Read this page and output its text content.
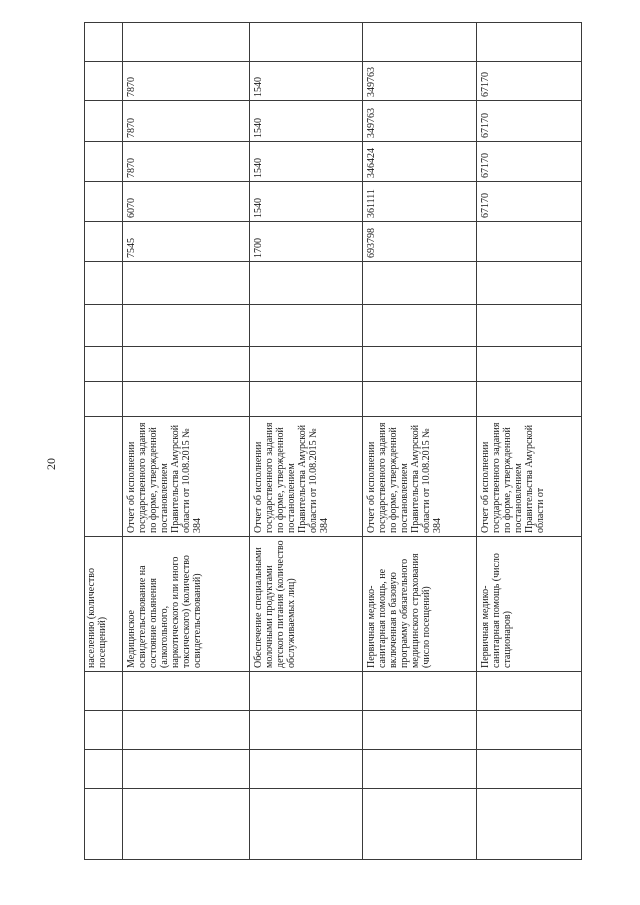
20
				населению (количество посещений)											
				Медицинское освидетельствование на состояние опьянения (алкогольного, наркотического или иного токсического) (количество освидетельствований)	Отчет об исполнении государственного задания по форме, утвержденной постановлением Правительства Амурской области от 10.08.2015 № 384					7545	6070	7870	7870	7870	
				Обеспечение специальными молочными продуктами детского питания (количество обслуживаемых лиц)	Отчет об исполнении государственного задания по форме, утвержденной постановлением Правительства Амурской области от 10.08.2015 № 384					1700	1540	1540	1540	1540	
				Первичная медико-санитарная помощь, не включенная в базовую программу обязательного медицинского страхования (число посещений)	Отчет об исполнении государственного задания по форме, утвержденной постановлением Правительства Амурской области от 10.08.2015 № 384					693798	361111	346424	349763	349763	
				Первичная медико-санитарная помощь (число стационаров)	Отчет об исполнении государственного задания по форме, утвержденной постановлением Правительства Амурской области от						67170	67170	67170	67170	
